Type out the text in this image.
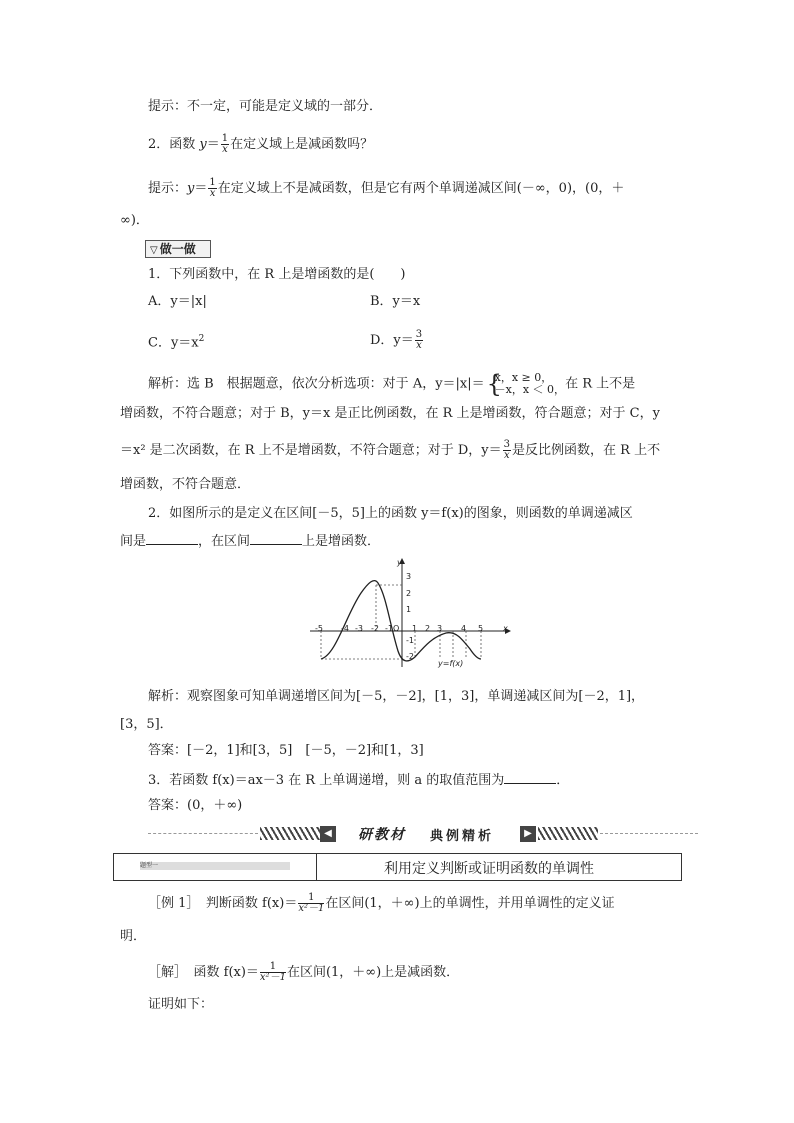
提示：不一定，可能是定义域的一部分．
2．函数 $y= \frac{1}{x}$ 在定义域上是减函数吗？
提示：$y= \frac{1}{x}$ 在定义域上不是减函数，但是它有两个单调递减区间(－∞，0)，(0，＋
∞)．
▽ 做一做
1．下列函数中，在 R 上是增函数的是(　　)
A．y＝|x|	B．y＝x
C．$y=x^2$	D．$y= \frac{3}{x}$
解析：选 B　根据题意，依次分析选项：对于 A，y＝|x|＝ {
x，x ≥ 0，
－x，x ＜ 0， 在 R 上不是
增函数，不符合题意；对于 B，y＝x 是正比例函数，在 R 上是增函数，符合题意；对于 C，y
＝x² 是二次函数，在 R 上不是增函数，不符合题意；对于 D，$y= \frac{3}{x}$ 是反比例函数，在 R 上不
增函数，不符合题意．
2．如图所示的是定义在区间[－5，5]上的函数 y＝f(x)的图象，则函数的单调递减区
间是	，在区间	上是增函数．
-5 -4 -3 -2 -1 O 1 2 3 4 5 x
3
2
1
-1
-2
y
y=f(x)
解析：观察图象可知单调递增区间为[－5，－2]，[1，3]，单调递减区间为[－2，1]，
[3，5]．
答案：[－2，1]和[3，5]　[－5，－2]和[1，3]
3．若函数 f(x)＝ax－3 在 R 上单调递增，则 a 的取值范围为	．
答案：(0，＋∞)
◀ 研教材 典例精析	▶
题型一	利用定义判断或证明函数的单调性
［例 1］　判断函数 $f(x)= \frac{1}{\text{x²－1}}$ 在区间(1，＋∞)上的单调性，并用单调性的定义证
明．
［解］　函数 $f(x)= \frac{1}{\text{x²－1}}$ 在区间(1，＋∞)上是减函数．
证明如下：
